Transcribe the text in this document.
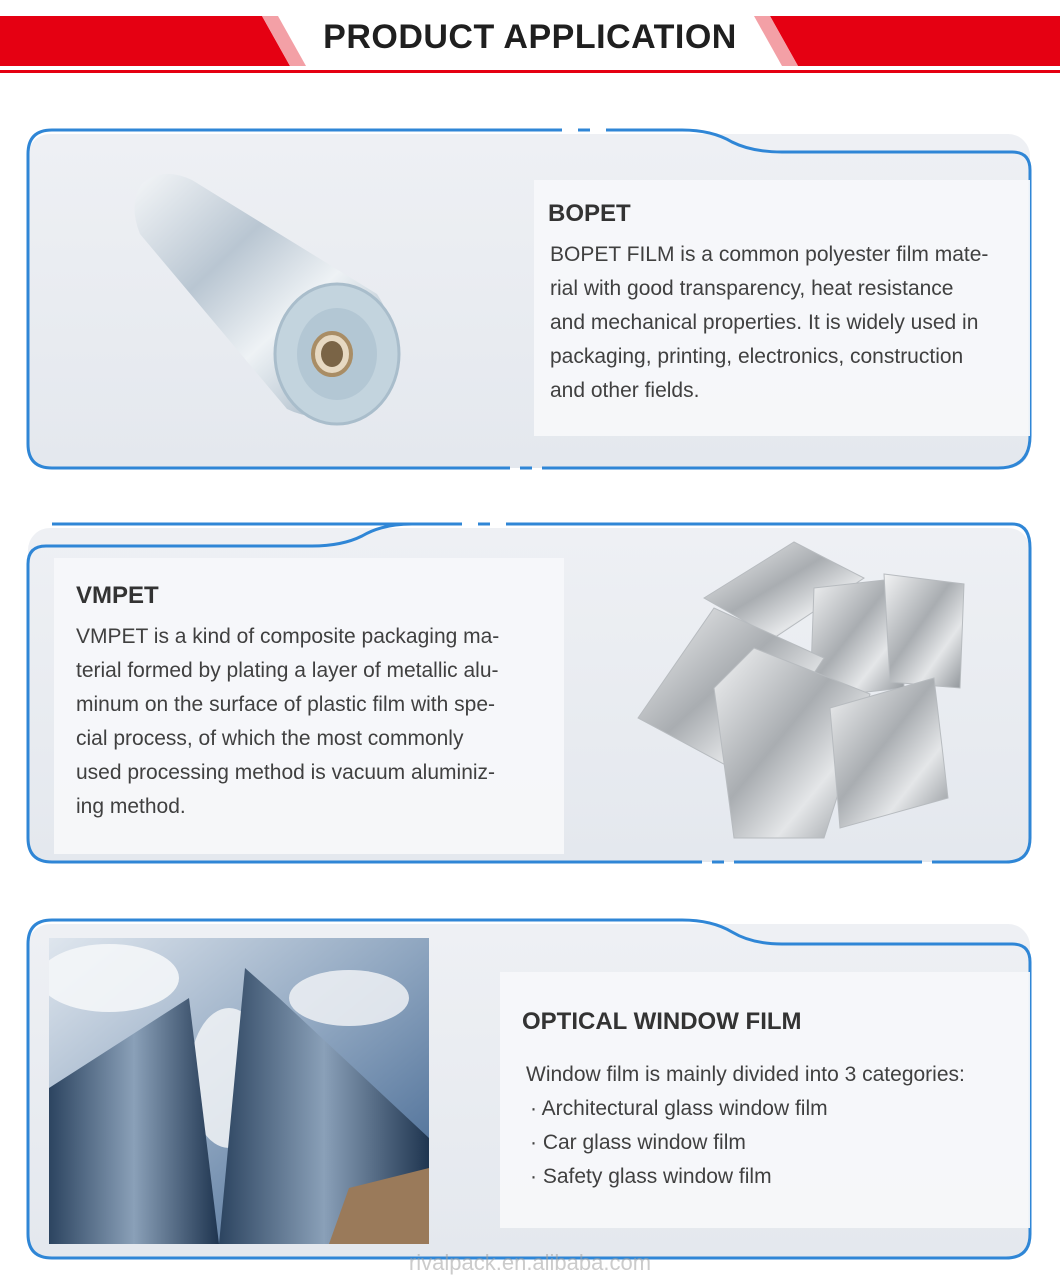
PRODUCT APPLICATION
BOPET

BOPET FILM is a common polyester film mate-
rial with good transparency, heat resistance
and mechanical properties. It is widely used in
packaging, printing, electronics, construction
and other fields.

VMPET

VMPET is a kind of composite packaging ma-
terial formed by plating a layer of metallic alu-
minum on the surface of plastic film with spe-
cial process, of which the most commonly
used processing method is vacuum aluminiz-
ing method.

OPTICAL WINDOW FILM
Window film is mainly divided into 3 categories:
· Architectural glass window film
· Car glass window film
· Safety glass window film
rivalpack.en.alibaba.com
